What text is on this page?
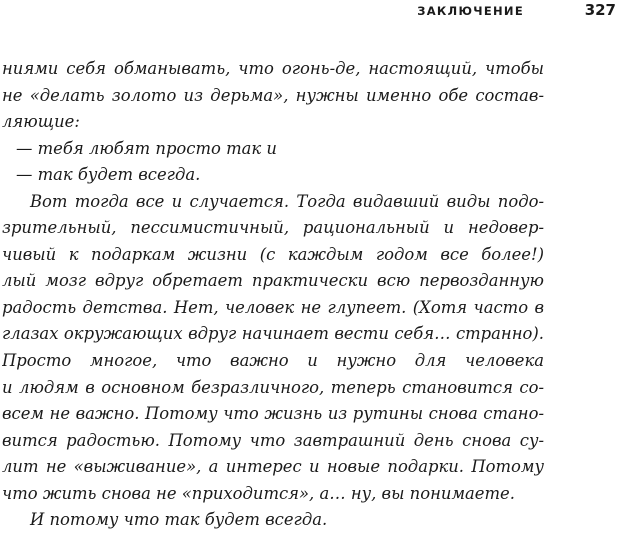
ЗАКЛЮЧЕНИЕ	327
ниями себя обманывать, что огонь-де, настоящий, чтобы
не «делать золото из дерьма», нужны именно обе состав-
ляющие:
— тебя любят просто так и
— так будет всегда.
Вот тогда все и случается. Тогда видавший виды подо-
зрительный, пессимистичный, рациональный и недовер-
чивый к подаркам жизни (с каждым годом все более!)
лый мозг вдруг обретает практически всю первозданную
радость детства. Нет, человек не глупеет. (Хотя часто в
глазах окружающих вдруг начинает вести себя… странно).
Просто многое, что важно и нужно для человека
и людям в основном безразличного, теперь становится со-
всем не важно. Потому что жизнь из рутины снова стано-
вится радостью. Потому что завтрашний день снова су-
лит не «выживание», а интерес и новые подарки. Потому
что жить снова не «приходится», а… ну, вы понимаете.
И потому что так будет всегда.
